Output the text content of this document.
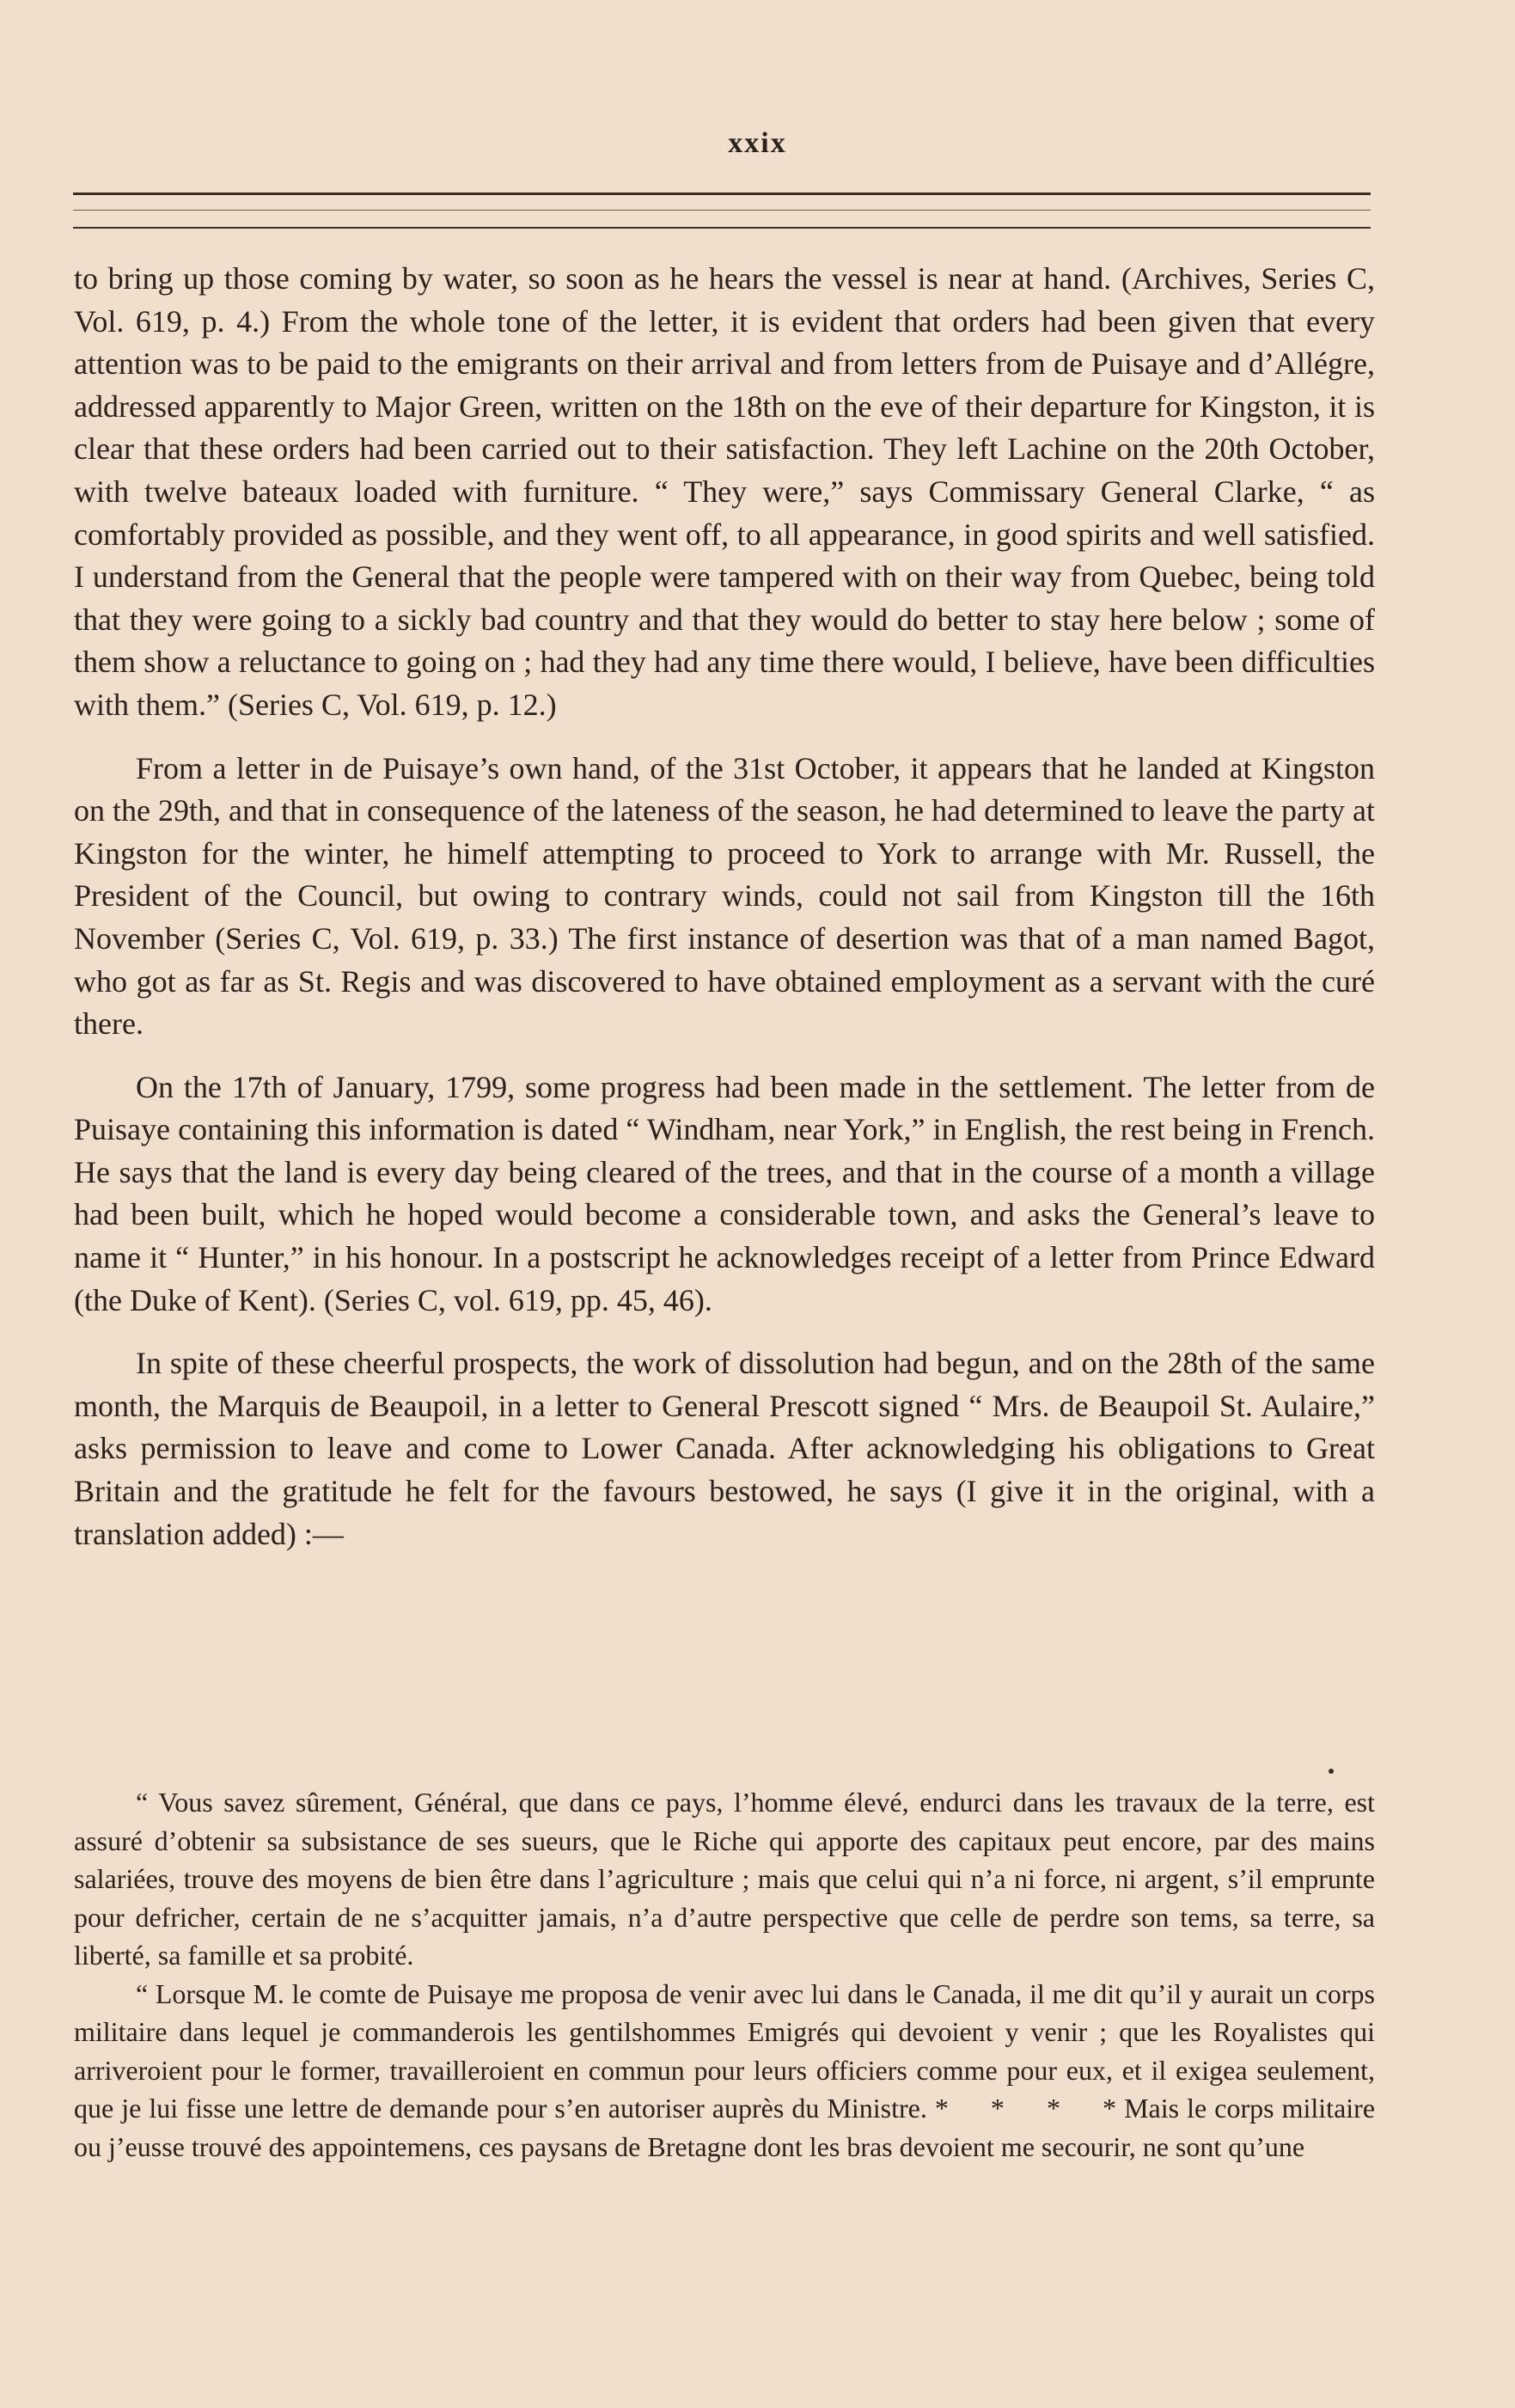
xxix

to bring up those coming by water, so soon as he hears the vessel is near at hand. (Archives, Series C, Vol. 619, p. 4.) From the whole tone of the letter, it is evident that orders had been given that every attention was to be paid to the emigrants on their arrival and from letters from de Puisaye and d’Allégre, addressed apparently to Major Green, written on the 18th on the eve of their departure for Kingston, it is clear that these orders had been carried out to their satisfaction. They left Lachine on the 20th October, with twelve bateaux loaded with furniture. “ They were,” says Commissary General Clarke, “ as comfortably provided as possible, and they went off, to all appearance, in good spirits and well satisfied. I understand from the General that the people were tampered with on their way from Quebec, being told that they were going to a sickly bad country and that they would do better to stay here below ; some of them show a reluctance to going on ; had they had any time there would, I believe, have been difficulties with them.” (Series C, Vol. 619, p. 12.)

From a letter in de Puisaye’s own hand, of the 31st October, it appears that he landed at Kingston on the 29th, and that in consequence of the lateness of the season, he had determined to leave the party at Kingston for the winter, he himelf attempting to proceed to York to arrange with Mr. Russell, the President of the Council, but owing to contrary winds, could not sail from Kingston till the 16th November (Series C, Vol. 619, p. 33.) The first instance of desertion was that of a man named Bagot, who got as far as St. Regis and was discovered to have obtained employment as a servant with the curé there.

On the 17th of January, 1799, some progress had been made in the settlement. The letter from de Puisaye containing this information is dated “ Windham, near York,” in English, the rest being in French. He says that the land is every day being cleared of the trees, and that in the course of a month a village had been built, which he hoped would become a considerable town, and asks the General’s leave to name it “ Hunter,” in his honour. In a postscript he acknowledges receipt of a letter from Prince Edward (the Duke of Kent). (Series C, vol. 619, pp. 45, 46).

In spite of these cheerful prospects, the work of dissolution had begun, and on the 28th of the same month, the Marquis de Beaupoil, in a letter to General Prescott signed “ Mrs. de Beaupoil St. Aulaire,” asks permission to leave and come to Lower Canada. After acknowledging his obligations to Great Britain and the gratitude he felt for the favours bestowed, he says (I give it in the original, with a translation added) :—

“ Vous savez sûrement, Général, que dans ce pays, l’homme élevé, endurci dans les travaux de la terre, est assuré d’obtenir sa subsistance de ses sueurs, que le Riche qui apporte des capitaux peut encore, par des mains salariées, trouve des moyens de bien être dans l’agriculture ; mais que celui qui n’a ni force, ni argent, s’il emprunte pour defricher, certain de ne s’acquitter jamais, n’a d’autre perspective que celle de perdre son tems, sa terre, sa liberté, sa famille et sa probité.

“ Lorsque M. le comte de Puisaye me proposa de venir avec lui dans le Canada, il me dit qu’il y aurait un corps militaire dans lequel je commanderois les gentilshommes Emigrés qui devoient y venir ; que les Royalistes qui arriveroient pour le former, travailleroient en commun pour leurs officiers comme pour eux, et il exigea seulement, que je lui fisse une lettre de demande pour s’en autoriser auprès du Ministre. * * * * Mais le corps militaire ou j’eusse trouvé des appointemens, ces paysans de Bretagne dont les bras devoient me secourir, ne sont qu’une
